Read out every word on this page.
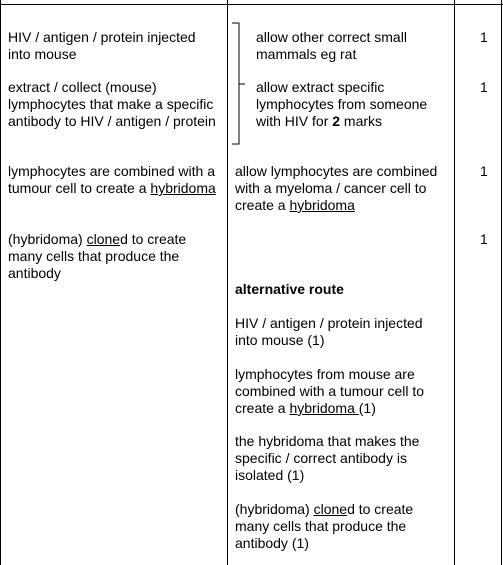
HIV / antigen / protein injected into mouse

extract / collect (mouse) lymphocytes that make a specific antibody to HIV / antigen / protein

lymphocytes are combined with a tumour cell to create a hybridoma

(hybridoma) cloned to create many cells that produce the antibody

allow other correct small mammals eg rat

allow extract specific lymphocytes from someone with HIV for 2 marks

allow lymphocytes are combined with a myeloma / cancer cell to create a hybridoma

alternative route

HIV / antigen / protein injected into mouse (1)

lymphocytes from mouse are combined with a tumour cell to create a hybridoma (1)

the hybridoma that makes the specific / correct antibody is isolated (1)

(hybridoma) cloned to create many cells that produce the antibody (1)

1

1

1

1
